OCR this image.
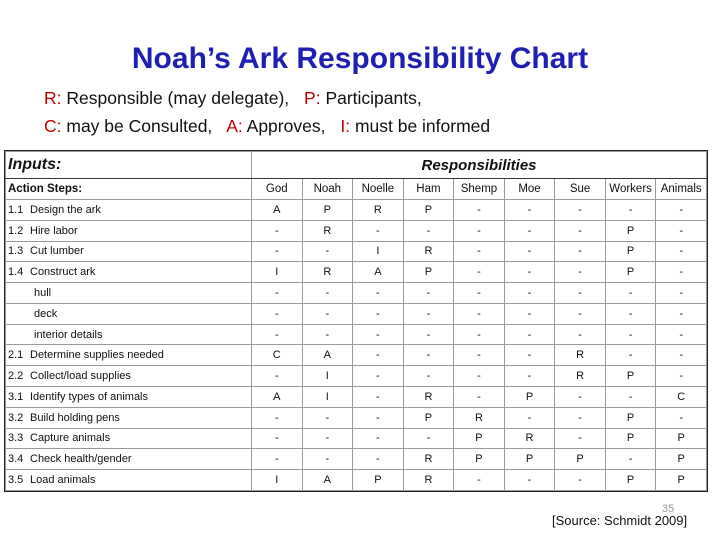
Noah’s Ark Responsibility Chart
R: Responsible (may delegate), P: Participants,
C: may be Consulted, A: Approves, I: must be informed
Inputs:	Responsibilities								
Action Steps:	God	Noah	Noelle	Ham	Shemp	Moe	Sue	Workers	Animals
1.1 Design the ark	A	P	R	P	-	-	-	-	-
1.2 Hire labor	-	R	-	-	-	-	-	P	-
1.3 Cut lumber	-	-	I	R	-	-	-	P	-
1.4 Construct ark	I	R	A	P	-	-	-	P	-
hull	-	-	-	-	-	-	-	-	-
deck	-	-	-	-	-	-	-	-	-
interior details	-	-	-	-	-	-	-	-	-
2.1 Determine supplies needed	C	A	-	-	-	-	R	-	-
2.2 Collect/load supplies	-	I	-	-	-	-	R	P	-
3.1 Identify types of animals	A	I	-	R	-	P	-	-	C
3.2 Build holding pens	-	-	-	P	R	-	-	P	-
3.3 Capture animals	-	-	-	-	P	R	-	P	P
3.4 Check health/gender	-	-	-	R	P	P	P	-	P
3.5 Load animals	I	A	P	R	-	-	-	P	P
35
[Source: Schmidt 2009]
